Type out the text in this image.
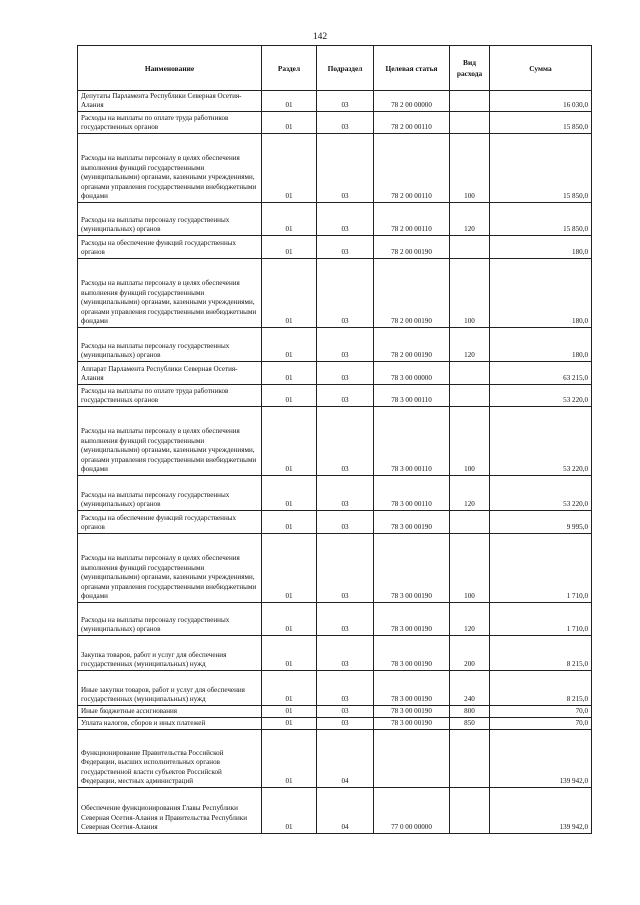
142
Наименование	Раздел	Подраздел	Целевая статья	Вид расхода	Сумма
Депутаты Парламента Республики Северная Осетия-Алания	01	03	78 2 00 00000		16 030,0
Расходы на выплаты по оплате труда работников государственных органов	01	03	78 2 00 00110		15 850,0
Расходы на выплаты персоналу в целях обеспечения выполнения функций государственными (муниципальными) органами, казенными учреждениями, органами управления государственными внебюджетными фондами	01	03	78 2 00 00110	100	15 850,0
Расходы на выплаты персоналу государственных (муниципальных) органов	01	03	78 2 00 00110	120	15 850,0
Расходы на обеспечение функций государственных органов	01	03	78 2 00 00190		180,0
Расходы на выплаты персоналу в целях обеспечения выполнения функций государственными (муниципальными) органами, казенными учреждениями, органами управления государственными внебюджетными фондами	01	03	78 2 00 00190	100	180,0
Расходы на выплаты персоналу государственных (муниципальных) органов	01	03	78 2 00 00190	120	180,0
Аппарат Парламента Республики Северная Осетия-Алания	01	03	78 3 00 00000		63 215,0
Расходы на выплаты по оплате труда работников государственных органов	01	03	78 3 00 00110		53 220,0
Расходы на выплаты персоналу в целях обеспечения выполнения функций государственными (муниципальными) органами, казенными учреждениями, органами управления государственными внебюджетными фондами	01	03	78 3 00 00110	100	53 220,0
Расходы на выплаты персоналу государственных (муниципальных) органов	01	03	78 3 00 00110	120	53 220,0
Расходы на обеспечение функций государственных органов	01	03	78 3 00 00190		9 995,0
Расходы на выплаты персоналу в целях обеспечения выполнения функций государственными (муниципальными) органами, казенными учреждениями, органами управления государственными внебюджетными фондами	01	03	78 3 00 00190	100	1 710,0
Расходы на выплаты персоналу государственных (муниципальных) органов	01	03	78 3 00 00190	120	1 710,0
Закупка товаров, работ и услуг для обеспечения государственных (муниципальных) нужд	01	03	78 3 00 00190	200	8 215,0
Иные закупки товаров, работ и услуг для обеспечения государственных (муниципальных) нужд	01	03	78 3 00 00190	240	8 215,0
Иные бюджетные ассигнования	01	03	78 3 00 00190	800	70,0
Уплата налогов, сборов и иных платежей	01	03	78 3 00 00190	850	70,0
Функционирование Правительства Российской Федерации, высших исполнительных органов государственной власти субъектов Российской Федерации, местных администраций	01	04			139 942,0
Обеспечение функционирования Главы Республики Северная Осетия-Алания и Правительства Республики Северная Осетия-Алания	01	04	77 0 00 00000		139 942,0
